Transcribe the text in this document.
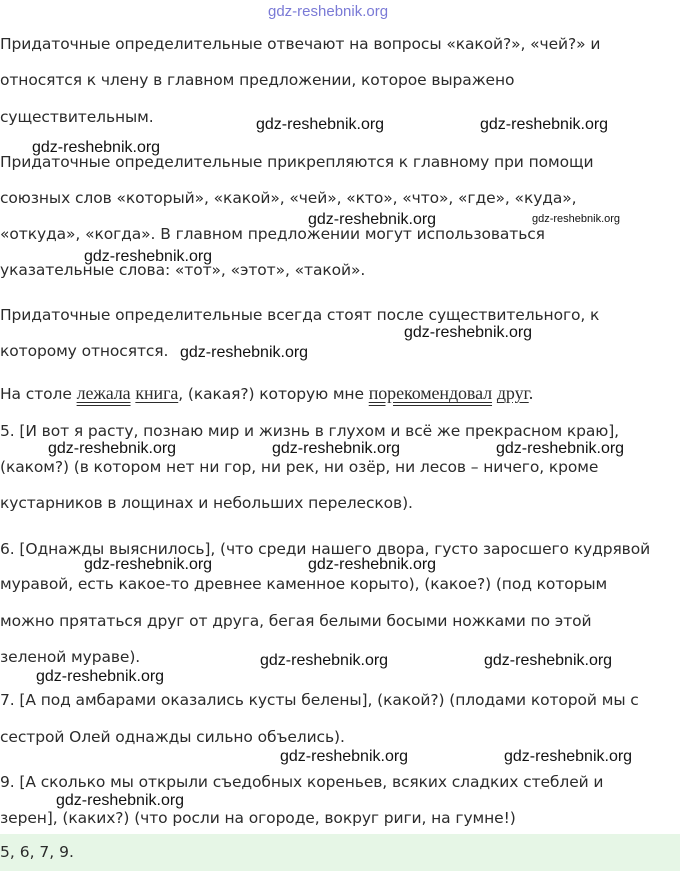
gdz-reshebnik.org
gdz-reshebnik.org	gdz-reshebnik.org
gdz-reshebnik.org
gdz-reshebnik.org	gdz-reshebnik.org
gdz-reshebnik.org
gdz-reshebnik.org
gdz-reshebnik.org
gdz-reshebnik.org	gdz-reshebnik.org	gdz-reshebnik.org
gdz-reshebnik.org	gdz-reshebnik.org
gdz-reshebnik.org	gdz-reshebnik.org
gdz-reshebnik.org
gdz-reshebnik.org	gdz-reshebnik.org
gdz-reshebnik.org
Придаточные определительные отвечают на вопросы «какой?», «чей?» и
относятся к члену в главном предложении, которое выражено
существительным.
Придаточные определительные прикрепляются к главному при помощи
союзных слов «который», «какой», «чей», «кто», «что», «где», «куда»,
«откуда», «когда». В главном предложении могут использоваться
указательные слова: «тот», «этот», «такой».
Придаточные определительные всегда стоят после существительного, к
которому относятся.
На столе лежала книга, (какая?) которую мне порекомендовал друг.
5. [И вот я расту, познаю мир и жизнь в глухом и всё же прекрасном краю],
(каком?) (в котором нет ни гор, ни рек, ни озёр, ни лесов – ничего, кроме
кустарников в лощинах и небольших перелесков).
6. [Однажды выяснилось], (что среди нашего двора, густо заросшего кудрявой
муравой, есть какое-то древнее каменное корыто), (какое?) (под которым
можно прятаться друг от друга, бегая белыми босыми ножками по этой
зеленой мураве).
7. [А под амбарами оказались кусты белены], (какой?) (плодами которой мы с
сестрой Олей однажды сильно объелись).
9. [А сколько мы открыли съедобных кореньев, всяких сладких стеблей и
зерен], (каких?) (что росли на огороде, вокруг риги, на гумне!)
5, 6, 7, 9.
